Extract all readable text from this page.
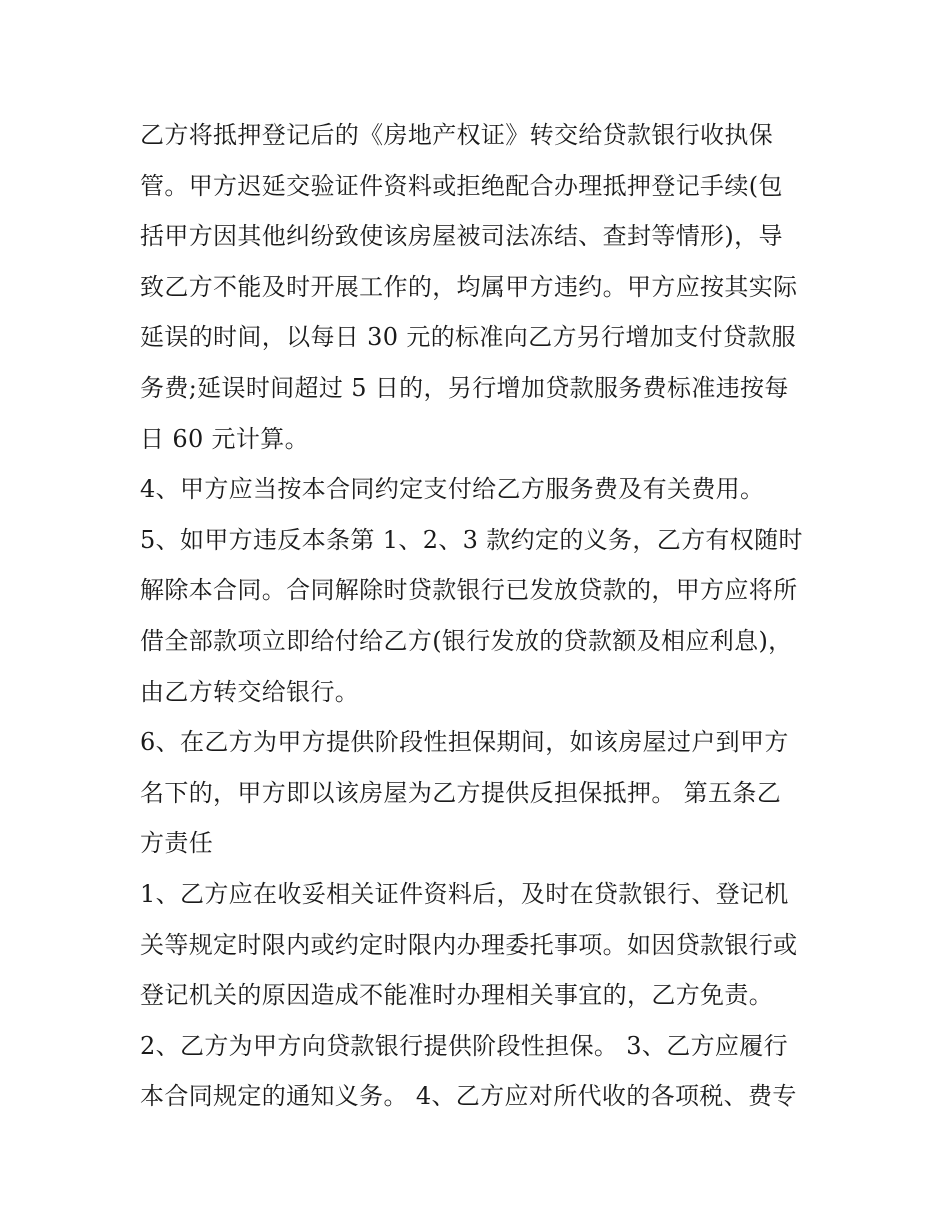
乙方将抵押登记后的《房地产权证》转交给贷款银行收执保
管。甲方迟延交验证件资料或拒绝配合办理抵押登记手续(包
括甲方因其他纠纷致使该房屋被司法冻结、查封等情形)，导
致乙方不能及时开展工作的，均属甲方违约。甲方应按其实际
延误的时间，以每日 30 元的标准向乙方另行增加支付贷款服
务费;延误时间超过 5 日的，另行增加贷款服务费标准违按每
日 60 元计算。
4、甲方应当按本合同约定支付给乙方服务费及有关费用。
5、如甲方违反本条第 1、2、3 款约定的义务，乙方有权随时
解除本合同。合同解除时贷款银行已发放贷款的，甲方应将所
借全部款项立即给付给乙方(银行发放的贷款额及相应利息)，
由乙方转交给银行。
6、在乙方为甲方提供阶段性担保期间，如该房屋过户到甲方
名下的，甲方即以该房屋为乙方提供反担保抵押。 第五条乙
方责任
1、乙方应在收妥相关证件资料后，及时在贷款银行、登记机
关等规定时限内或约定时限内办理委托事项。如因贷款银行或
登记机关的原因造成不能准时办理相关事宜的，乙方免责。
2、乙方为甲方向贷款银行提供阶段性担保。 3、乙方应履行
本合同规定的通知义务。 4、乙方应对所代收的各项税、费专
